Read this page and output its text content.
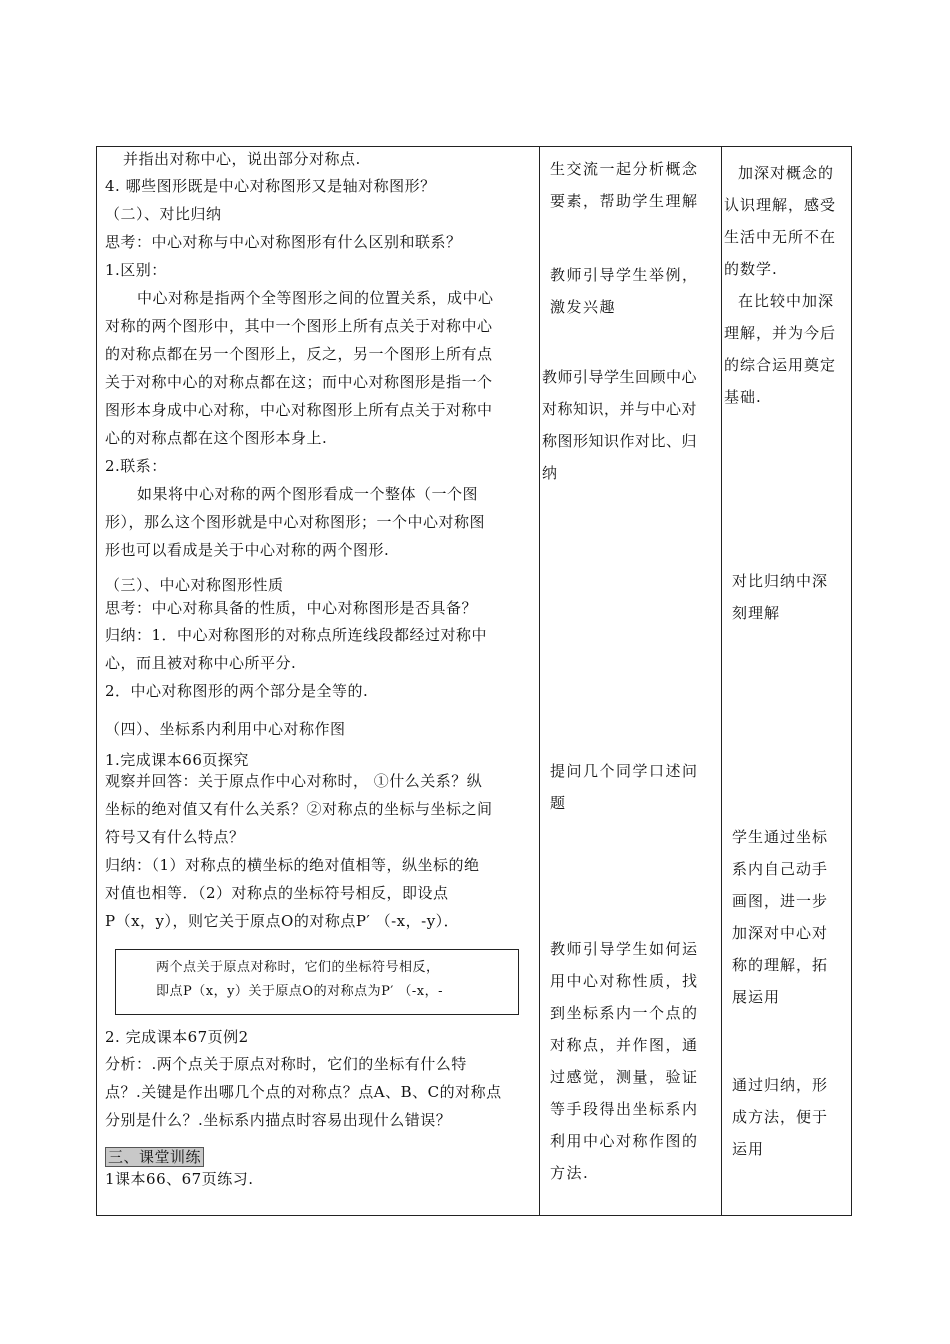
并指出对称中心，说出部分对称点.
4. 哪些图形既是中心对称图形又是轴对称图形？
（二）、对比归纳
思考：中心对称与中心对称图形有什么区别和联系？
1.区别：
中心对称是指两个全等图形之间的位置关系，成中心
对称的两个图形中，其中一个图形上所有点关于对称中心
的对称点都在另一个图形上，反之，另一个图形上所有点
关于对称中心的对称点都在这；而中心对称图形是指一个
图形本身成中心对称，中心对称图形上所有点关于对称中
心的对称点都在这个图形本身上.
2.联系：
如果将中心对称的两个图形看成一个整体（一个图
形），那么这个图形就是中心对称图形；一个中心对称图
形也可以看成是关于中心对称的两个图形.
（三）、中心对称图形性质
思考：中心对称具备的性质，中心对称图形是否具备？
归纳：1．中心对称图形的对称点所连线段都经过对称中
心，而且被对称中心所平分.
2．中心对称图形的两个部分是全等的.
（四）、坐标系内利用中心对称作图
1.完成课本66页探究
观察并回答：关于原点作中心对称时， ①什么关系？纵
坐标的绝对值又有什么关系？②对称点的坐标与坐标之间
符号又有什么特点？
归纳：（1）对称点的横坐标的绝对值相等，纵坐标的绝
对值也相等．（2）对称点的坐标符号相反，即设点
P（x，y），则它关于原点O的对称点P′ （-x，-y）．
两个点关于原点对称时，它们的坐标符号相反，
即点P（x，y）关于原点O的对称点为P′ （-x，-
2. 完成课本67页例2
分析：.两个点关于原点对称时，它们的坐标有什么特
点？.关键是作出哪几个点的对称点？点A、B、C的对称点
分别是什么？.坐标系内描点时容易出现什么错误？
三、课堂训练
1课本66、67页练习.
生交流一起分析概念
要素，帮助学生理解
教师引导学生举例，
激发兴趣
教师引导学生回顾中心
对称知识，并与中心对
称图形知识作对比、归
纳
提问几个同学口述问
题
教师引导学生如何运
用中心对称性质，找
到坐标系内一个点的
对称点，并作图，通
过感觉，测量，验证
等手段得出坐标系内
利用中心对称作图的
方法.
加深对概念的
认识理解，感受
生活中无所不在
的数学.
在比较中加深
理解，并为今后
的综合运用奠定
基础.
对比归纳中深
刻理解
学生通过坐标
系内自己动手
画图，进一步
加深对中心对
称的理解，拓
展运用
通过归纳，形
成方法，便于
运用
